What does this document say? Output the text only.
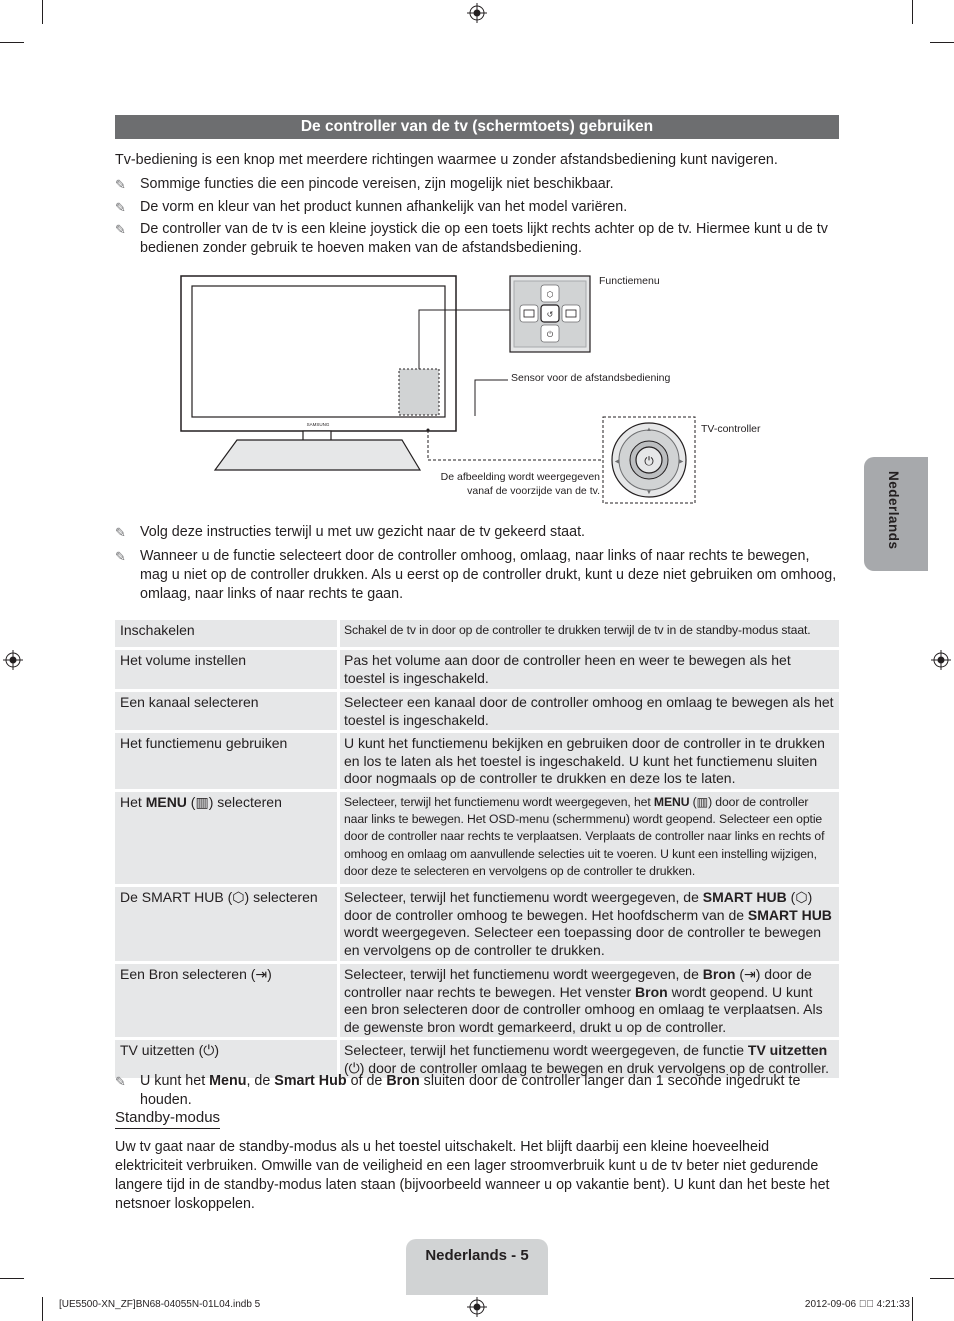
De controller van de tv (schermtoets) gebruiken
Tv-bediening is een knop met meerdere richtingen waarmee u zonder afstandsbediening kunt navigeren.
✎ Sommige functies die een pincode vereisen, zijn mogelijk niet beschikbaar.
✎ De vorm en kleur van het product kunnen afhankelijk van het model variëren.
✎ De controller van de tv is een kleine joystick die op een toets lijkt rechts achter op de tv. Hiermee kunt u de tv bedienen zonder gebruik te hoeven maken van de afstandsbediening.
SAMSUNG
⬡
↺
⏻
⏻
▲
▼
◀	▶
Functiemenu
Sensor voor de afstandsbediening
TV-controller
De afbeelding wordt weergegeven
vanaf de voorzijde van de tv.
✎ Volg deze instructies terwijl u met uw gezicht naar de tv gekeerd staat.
✎ Wanneer u de functie selecteert door de controller omhoog, omlaag, naar links of naar rechts te bewegen, mag u niet op de controller drukken. Als u eerst op de controller drukt, kunt u deze niet gebruiken om omhoog, omlaag, naar links of naar rechts te gaan.
Inschakelen	Schakel de tv in door op de controller te drukken terwijl de tv in de standby-modus staat.
Het volume instellen	Pas het volume aan door de controller heen en weer te bewegen als het toestel is ingeschakeld.
Een kanaal selecteren	Selecteer een kanaal door de controller omhoog en omlaag te bewegen als het toestel is ingeschakeld.
Het functiemenu gebruiken	U kunt het functiemenu bekijken en gebruiken door de controller in te drukken en los te laten als het toestel is ingeschakeld. U kunt het functiemenu sluiten door nogmaals op de controller te drukken en deze los te laten.
Het MENU (▥) selecteren	Selecteer, terwijl het functiemenu wordt weergegeven, het MENU (▥) door de controller naar links te bewegen. Het OSD-menu (schermmenu) wordt geopend. Selecteer een optie door de controller naar rechts te verplaatsen. Verplaats de controller naar links en rechts of omhoog en omlaag om aanvullende selecties uit te voeren. U kunt een instelling wijzigen, door deze te selecteren en vervolgens op de controller te drukken.
De SMART HUB (⬡) selecteren	Selecteer, terwijl het functiemenu wordt weergegeven, de SMART HUB (⬡) door de controller omhoog te bewegen. Het hoofdscherm van de SMART HUB wordt weergegeven. Selecteer een toepassing door de controller te bewegen en vervolgens op de controller te drukken.
Een Bron selecteren (⇥)	Selecteer, terwijl het functiemenu wordt weergegeven, de Bron (⇥) door de controller naar rechts te bewegen. Het venster Bron wordt geopend. U kunt een bron selecteren door de controller omhoog en omlaag te verplaatsen. Als de gewenste bron wordt gemarkeerd, drukt u op de controller.
TV uitzetten (⏻)	Selecteer, terwijl het functiemenu wordt weergegeven, de functie TV uitzetten
(⏻) door de controller omlaag te bewegen en druk vervolgens op de controller.
✎ U kunt het Menu, de Smart Hub of de Bron sluiten door de controller langer dan 1 seconde ingedrukt te houden.
Standby-modus
Uw tv gaat naar de standby-modus als u het toestel uitschakelt. Het blijft daarbij een kleine hoeveelheid elektriciteit verbruiken. Omwille van de veiligheid en een lager stroomverbruik kunt u de tv beter niet gedurende langere tijd in de standby-modus laten staan (bijvoorbeeld wanneer u op vakantie bent). U kunt dan het beste het netsnoer loskoppelen.
Nederlands
Nederlands - 5
[UE5500-XN_ZF]BN68-04055N-01L04.indb 5	2012-09-06    4:21:33
